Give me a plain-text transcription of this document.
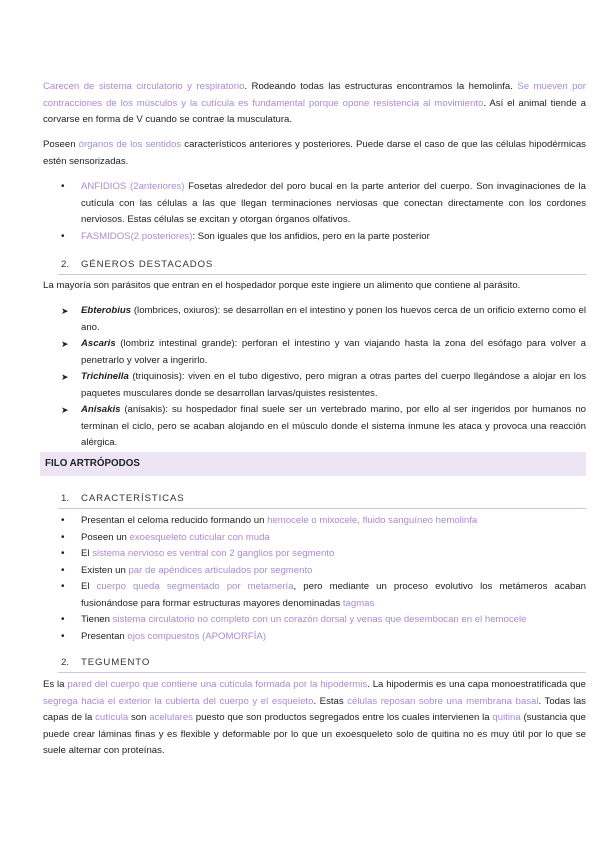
Carecen de sistema circulatorio y respiratorio. Rodeando todas las estructuras encontramos la hemolinfa. Se mueven por contracciones de los músculos y la cutícula es fundamental porque opone resistencia al movimiento. Así el animal tiende a corvarse en forma de V cuando se contrae la musculatura.

Poseen órganos de los sentidos característicos anteriores y posteriores. Puede darse el caso de que las células hipodérmicas estén sensorizadas.

•
ANFIDIOS (2anteriores) Fosetas alrededor del poro bucal en la parte anterior del cuerpo. Son invaginaciones de la cutícula con las células a las que llegan terminaciones nerviosas que conectan directamente con los cordones nerviosos. Estas células se excitan y otorgan órganos olfativos.
•
FASMIDOS(2 posteriores): Son iguales que los anfidios, pero en la parte posterior
2. GÉNEROS DESTACADOS

La mayoría son parásitos que entran en el hospedador porque este ingiere un alimento que contiene al parásito.

➤	Ebterobius (lombrices, oxiuros): se desarrollan en el intestino y ponen los huevos cerca de un orificio externo como el ano.
➤	Ascaris (lombriz intestinal grande): perforan el intestino y van viajando hasta la zona del esófago para volver a penetrarlo y volver a ingerirlo.
➤	Trichinella (triquinosis): viven en el tubo digestivo, pero migran a otras partes del cuerpo llegándose a alojar en los paquetes musculares donde se desarrollan larvas/quistes resistentes.
➤	Anisakis (anisakis): su hospedador final suele ser un vertebrado marino, por ello al ser ingeridos por humanos no terminan el ciclo, pero se acaban alojando en el músculo donde el sistema inmune les ataca y provoca una reacción alérgica.
FILO ARTRÓPODOS
1. CARACTERÍSTICAS
•
Presentan el celoma reducido formando un hemocele o mixocele, fluido sanguíneo hemolinfa
•
Poseen un exoesqueleto cuticular con muda
•
El sistema nervioso es ventral con 2 ganglios por segmento
•
Existen un par de apéndices articulados por segmento
•
El cuerpo queda segmentado por metamería, pero mediante un proceso evolutivo los metámeros acaban fusionándose para formar estructuras mayores denominadas tagmas
•
Tienen sistema circulatorio no completo con un corazón dorsal y venas que desembocan en el hemocele
•
Presentan ojos compuestos (APOMORFÍA)
2. TEGUMENTO

Es la pared del cuerpo que contiene una cutícula formada por la hipodermis. La hipodermis es una capa monoestratificada que segrega hacia el exterior la cubierta del cuerpo y el esqueleto. Estas células reposan sobre una membrana basal. Todas las capas de la cutícula son acelulares puesto que son productos segregados entre los cuales intervienen la quitina (sustancia que puede crear láminas finas y es flexible y deformable por lo que un exoesqueleto solo de quitina no es muy útil por lo que se suele alternar con proteínas.
